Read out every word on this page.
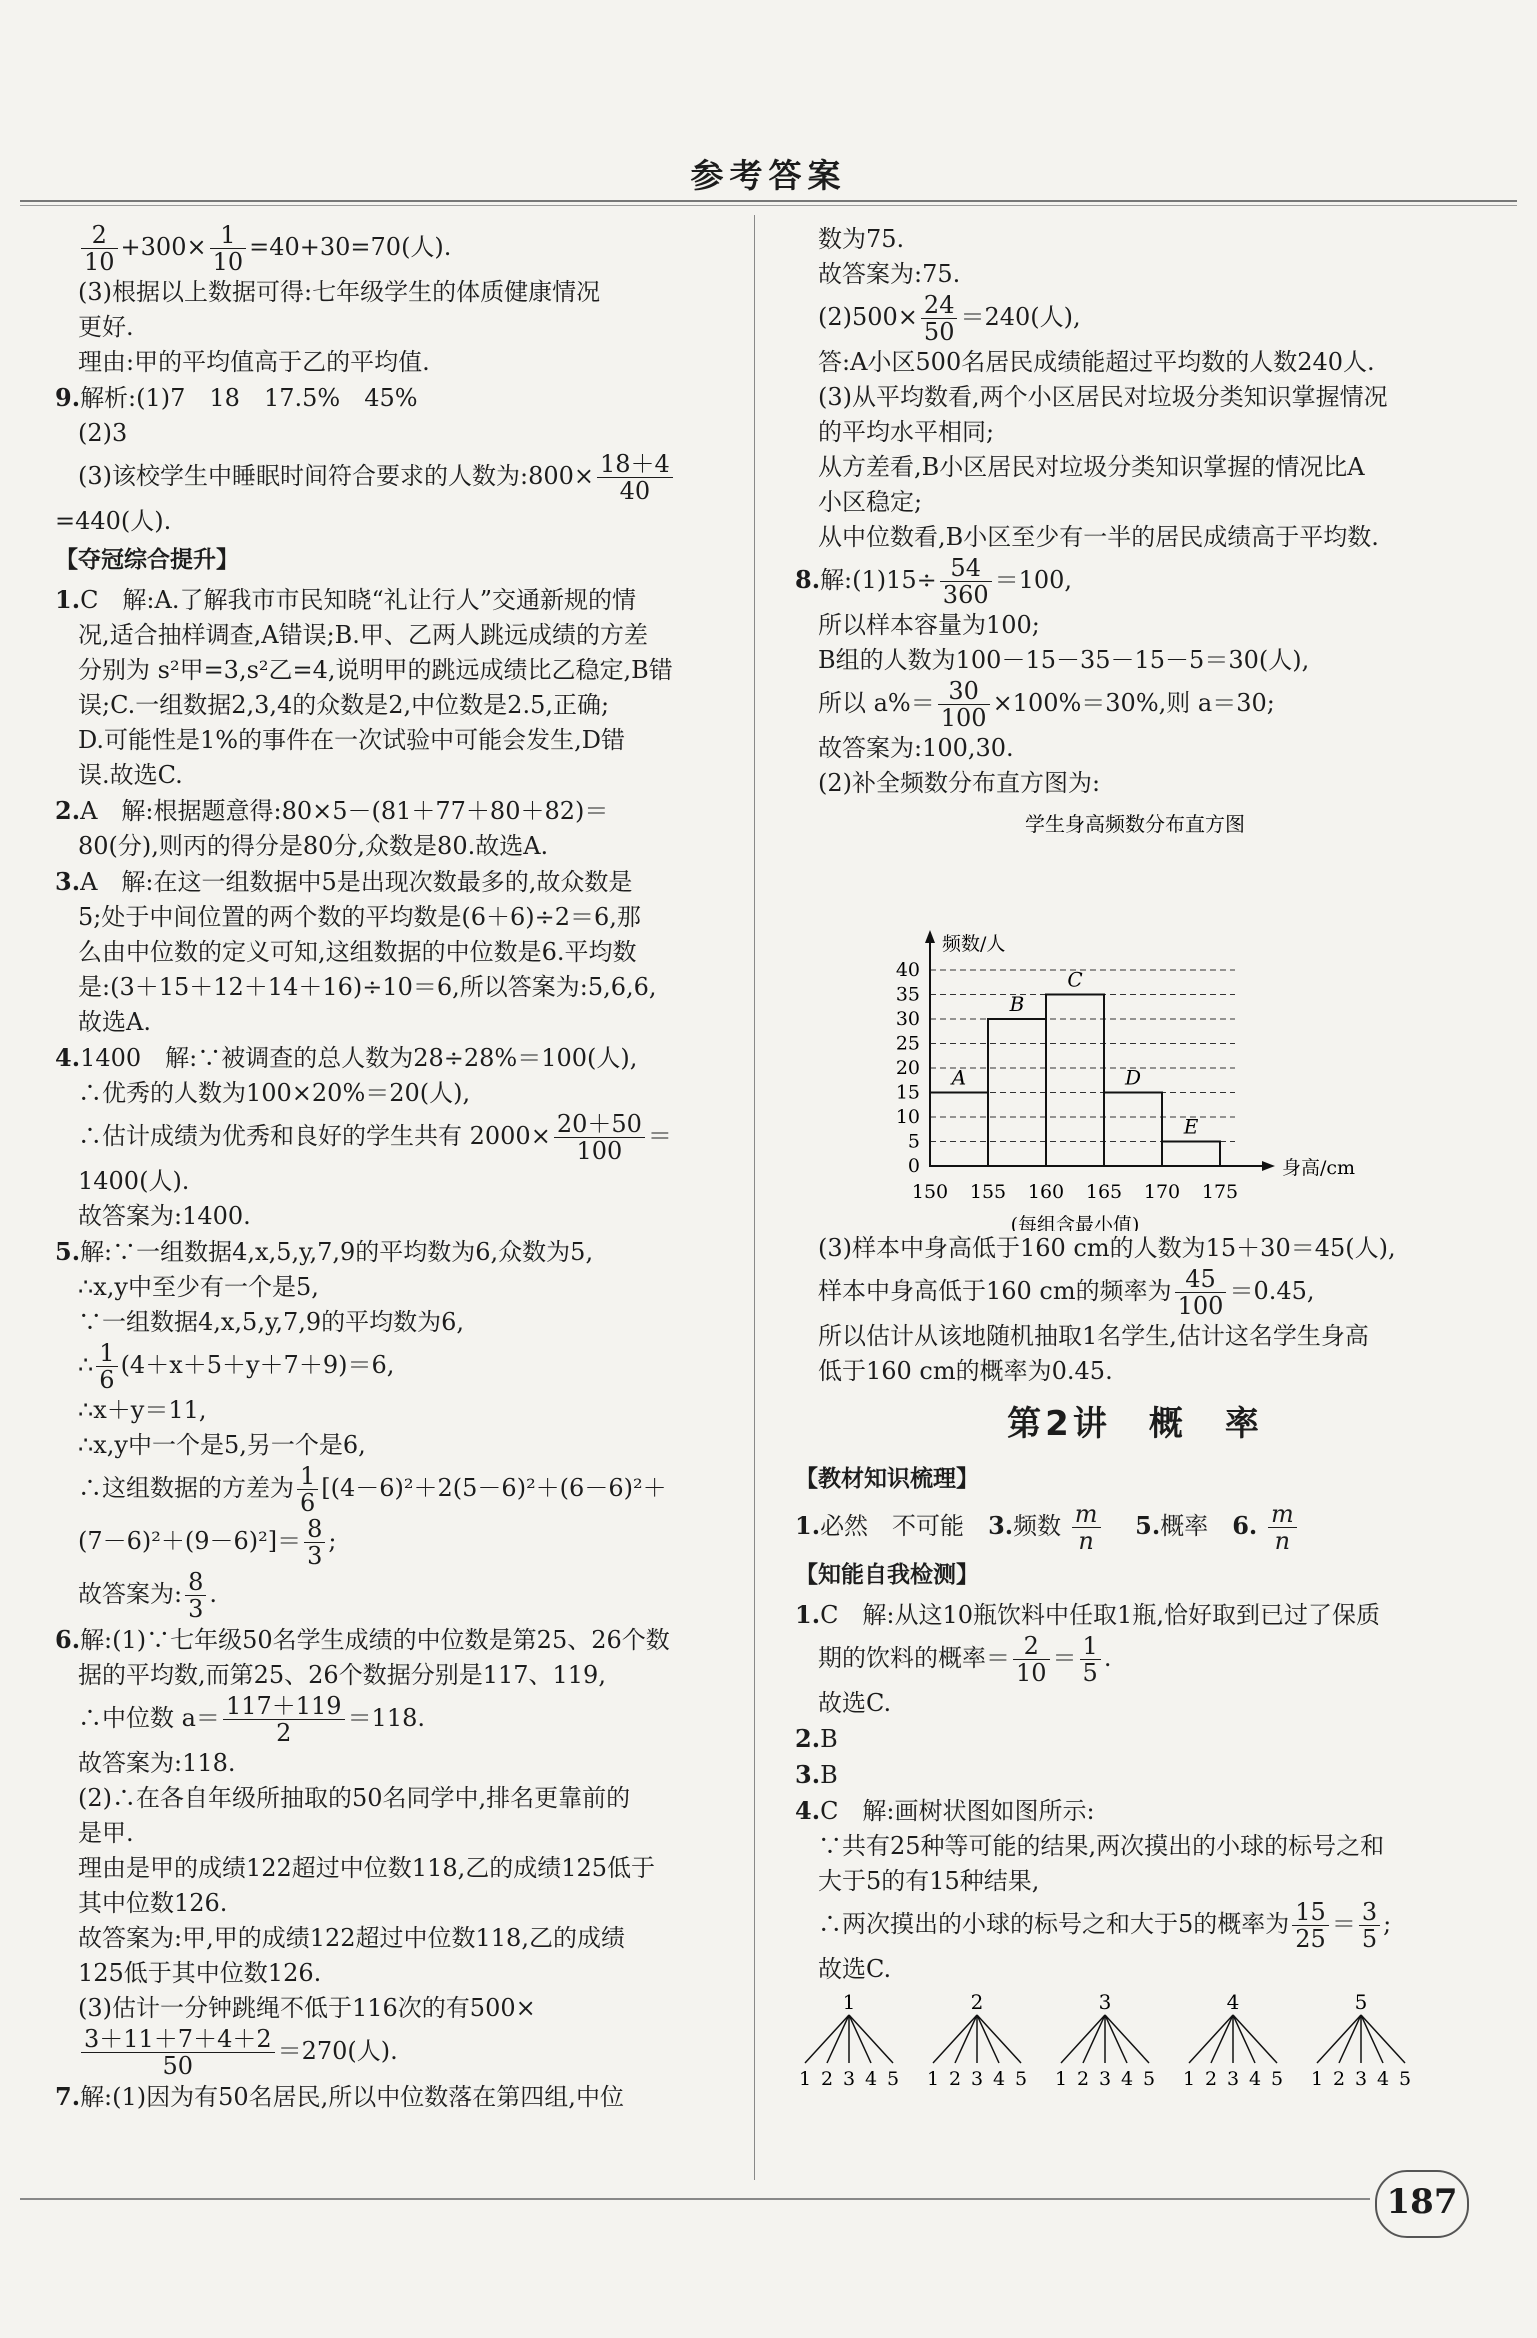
参考答案
$\frac{2}{10} +300\times \frac{1}{10} =40+30=70$(人).
(3)根据以上数据可得:七年级学生的体质健康情况
更好.
理由:甲的平均值高于乙的平均值.
9.解析:(1)7　18　17.5%　45%
(2)3
(3)该校学生中睡眠时间符合要求的人数为:800× $\frac{18+4}{40}$
=440(人).
【夺冠综合提升】
1.C　解:A.了解我市市民知晓“礼让行人”交通新规的情
况,适合抽样调查,A错误;B.甲、乙两人跳远成绩的方差
分别为 s²甲=3,s²乙=4,说明甲的跳远成绩比乙稳定,B错
误;C.一组数据2,3,4的众数是2,中位数是2.5,正确;
D.可能性是1%的事件在一次试验中可能会发生,D错
误.故选C.
2.A　解:根据题意得:80×5－(81＋77＋80＋82)＝
80(分),则丙的得分是80分,众数是80.故选A.
3.A　解:在这一组数据中5是出现次数最多的,故众数是
5;处于中间位置的两个数的平均数是(6＋6)÷2＝6,那
么由中位数的定义可知,这组数据的中位数是6.平均数
是:(3＋15＋12＋14＋16)÷10＝6,所以答案为:5,6,6,
故选A.
4.1400　解:∵被调查的总人数为28÷28%＝100(人),
∴优秀的人数为100×20%＝20(人),
∴估计成绩为优秀和良好的学生共有 $2000\times \frac{20+50}{100}$ ＝
1400(人).
故答案为:1400.
5.解:∵一组数据4,x,5,y,7,9的平均数为6,众数为5,
∴x,y中至少有一个是5,
∵一组数据4,x,5,y,7,9的平均数为6,
∴ $\frac{1}{6} (4+x+5+y+7+9)=6$,
∴x＋y＝11,
∴x,y中一个是5,另一个是6,
∴这组数据的方差为 $\frac{1}{6} [(4-6)^2+2(5-6)^2+(6-6)^2+$
$(7-6)^2+(9-6)^2]= \frac{8}{3}$ ;
故答案为: $\frac{8}{3}$ .
6.解:(1)∵七年级50名学生成绩的中位数是第25、26个数
据的平均数,而第25、26个数据分别是117、119,
∴中位数 $a= \frac{117+119}{2} =118$.
故答案为:118.
(2)∴在各自年级所抽取的50名同学中,排名更靠前的
是甲.
理由是甲的成绩122超过中位数118,乙的成绩125低于
其中位数126.
故答案为:甲,甲的成绩122超过中位数118,乙的成绩
125低于其中位数126.
(3)估计一分钟跳绳不低于116次的有500×
$\frac{3+11+7+4+2}{50} =270$(人).
7.解:(1)因为有50名居民,所以中位数落在第四组,中位
数为75.
故答案为:75.
$(2)500\times \frac{24}{50} =240$(人),
答:A小区500名居民成绩能超过平均数的人数240人.
(3)从平均数看,两个小区居民对垃圾分类知识掌握情况
的平均水平相同;
从方差看,B小区居民对垃圾分类知识掌握的情况比A
小区稳定;
从中位数看,B小区至少有一半的居民成绩高于平均数.
8.解:(1)15÷ $\frac{54}{360} =100$,
所以样本容量为100;
B组的人数为100－15－35－15－5＝30(人),
所以 $a\%= \frac{30}{100} \times 100\%=30\%$,则 a＝30;
故答案为:100,30.
(2)补全频数分布直方图为:
学生身高频数分布直方图
0
5
10
15
20
25
30
35
40
频数/人
身高/cm
150 155 160 165 170 175
A
B
C
D
E
(每组含最小值)
(3)样本中身高低于160 cm的人数为15＋30＝45(人),
样本中身高低于160 cm的频率为 $\frac{45}{100} =0.45$,
所以估计从该地随机抽取1名学生,估计这名学生身高
低于160 cm的概率为0.45.
第2讲　概　率
【教材知识梳理】
1.必然　不可能　 3.频数 $\frac{m}{n}$
　 5.概率　 6. $\frac{m}{n}$
【知能自我检测】
1.C　解:从这10瓶饮料中任取1瓶,恰好取到已过了保质
期的饮料的概率＝ $\frac{2}{10} = \frac{1}{5}$ .
故选C.
2.B
3.B
4.C　解:画树状图如图所示:
∵共有25种等可能的结果,两次摸出的小球的标号之和
大于5的有15种结果,
∴两次摸出的小球的标号之和大于5的概率为 $\frac{15}{25} = \frac{3}{5}$ ;
故选C.
1
1 2 3 4 5
2
1 2 3 4 5
3
1 2 3 4 5
4
1 2 3 4 5
5
1 2 3 4 5
187
